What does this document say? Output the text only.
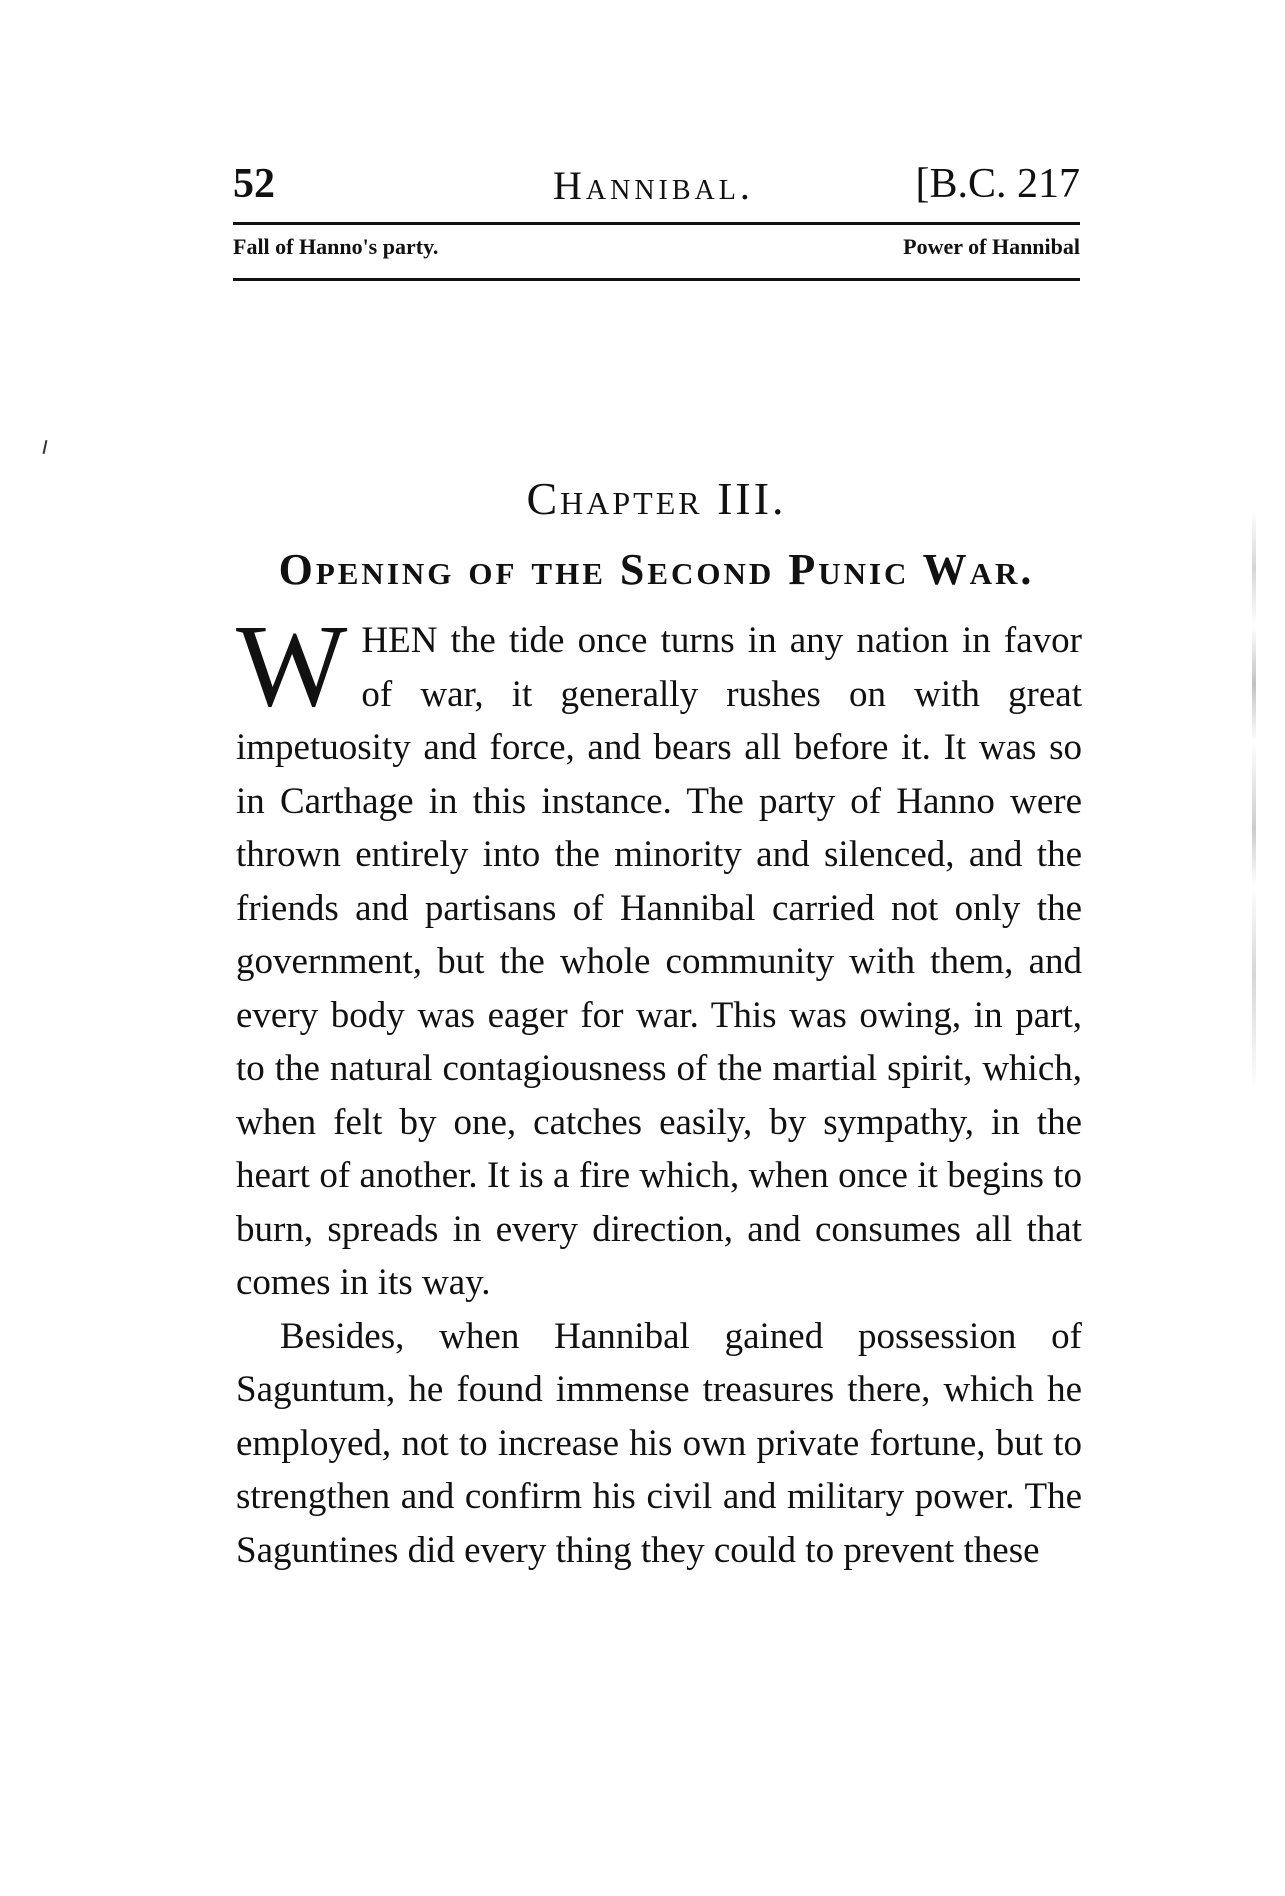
52	Hannibal.	[B.C. 217
Fall of Hanno's party.	Power of Hannibal
Chapter III.
Opening of the Second Punic War.

WHEN the tide once turns in any nation in favor of war, it generally rushes on with great impetuosity and force, and bears all before it. It was so in Carthage in this instance. The party of Hanno were thrown entirely into the minority and silenced, and the friends and partisans of Hannibal carried not only the government, but the whole community with them, and every body was eager for war. This was owing, in part, to the natural contagiousness of the martial spirit, which, when felt by one, catches easily, by sympathy, in the heart of another. It is a fire which, when once it begins to burn, spreads in every direction, and consumes all that comes in its way.

Besides, when Hannibal gained possession of Saguntum, he found immense treasures there, which he employed, not to increase his own private fortune, but to strengthen and confirm his civil and military power. The Saguntines did every thing they could to prevent these
